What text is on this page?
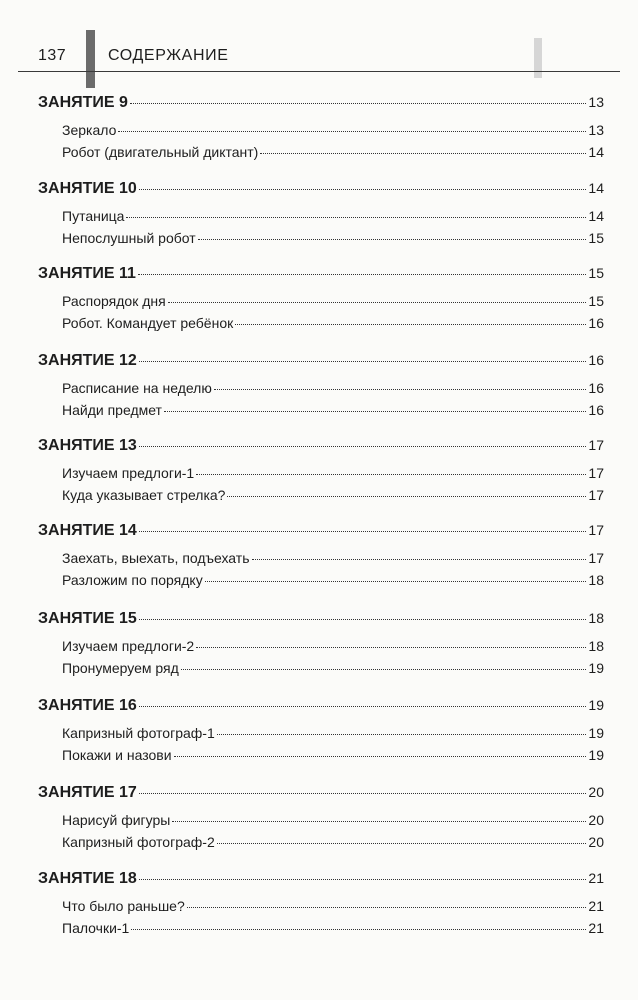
137	СОДЕРЖАНИЕ
ЗАНЯТИЕ 9	13
Зеркало	13
Робот (двигательный диктант)	14
ЗАНЯТИЕ 10	14
Путаница	14
Непослушный робот	15
ЗАНЯТИЕ 11	15
Распорядок дня	15
Робот. Командует ребёнок	16
ЗАНЯТИЕ 12	16
Расписание на неделю	16
Найди предмет	16
ЗАНЯТИЕ 13	17
Изучаем предлоги-1	17
Куда указывает стрелка?	17
ЗАНЯТИЕ 14	17
Заехать, выехать, подъехать	17
Разложим по порядку	18
ЗАНЯТИЕ 15	18
Изучаем предлоги-2	18
Пронумеруем ряд	19
ЗАНЯТИЕ 16	19
Капризный фотограф-1	19
Покажи и назови	19
ЗАНЯТИЕ 17	20
Нарисуй фигуры	20
Капризный фотограф-2	20
ЗАНЯТИЕ 18	21
Что было раньше?	21
Палочки-1	21
